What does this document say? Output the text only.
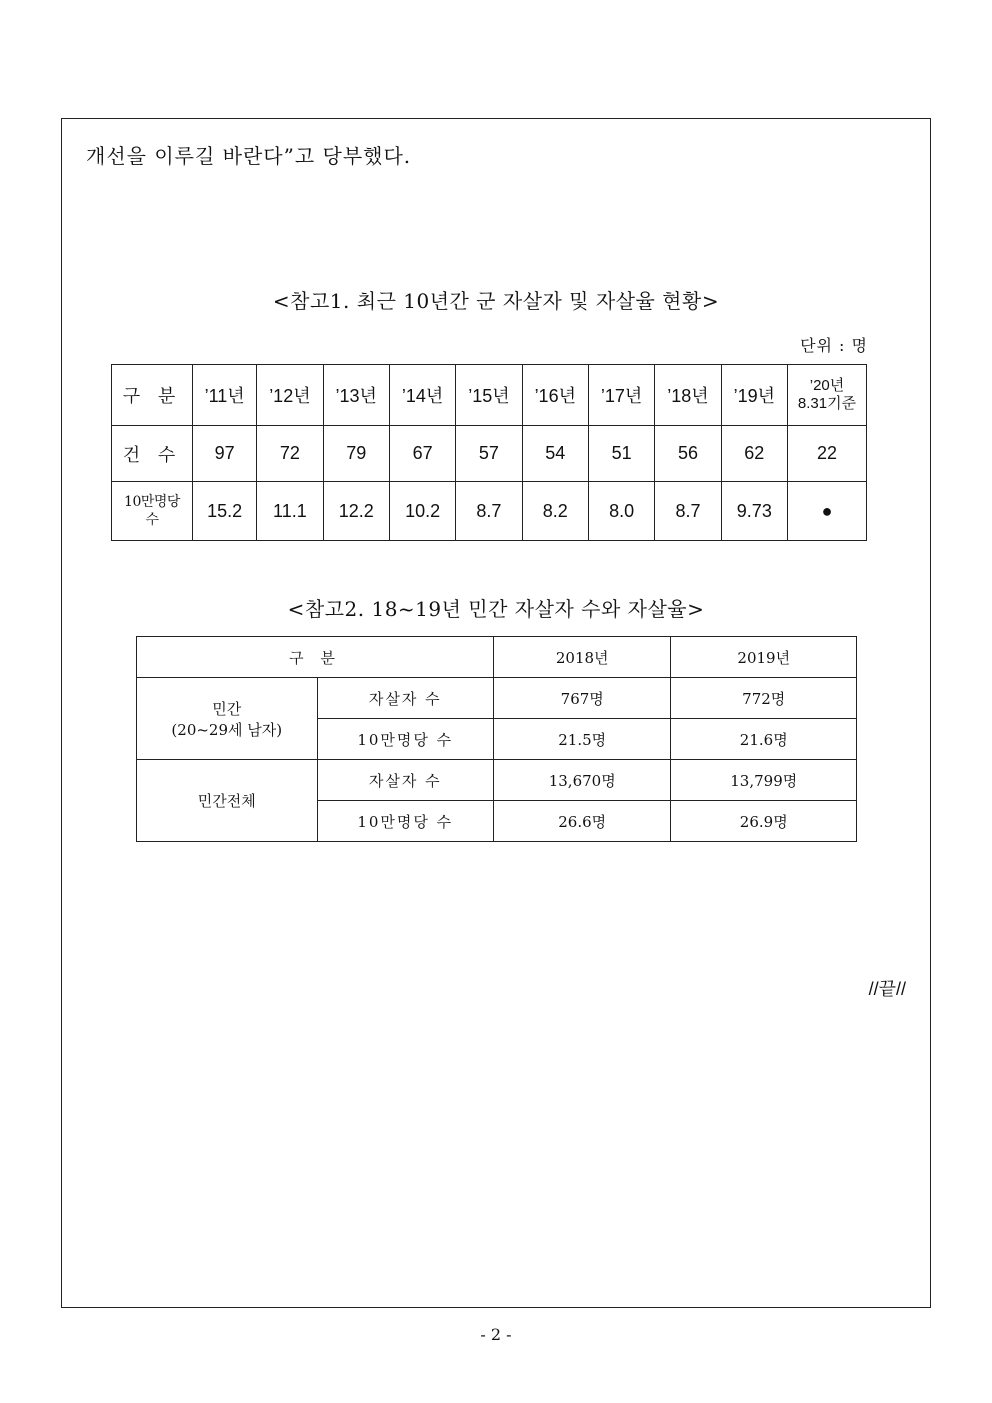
개선을 이루길 바란다”고 당부했다.
<참고1. 최근 10년간 군 자살자 및 자살율 현황>
단위 : 명
구 분	’11년	’12년	’13년	’14년	’15년	’16년	’17년	’18년	’19년	’20년
8.31기준

건 수	97	72	79	67	57	54	51	56	62	22

10만명당
수	15.2	11.1	12.2	10.2	8.7	8.2	8.0	8.7	9.73	●
<참고2. 18~19년 민간 자살자 수와 자살율>
구 분		2018년	2019년

민간
(20~29세 남자)	자살자 수	767명	772명
	10만명당 수	21.5명	21.6명
민간전체	자살자 수	13,670명	13,799명
	10만명당 수	26.6명	26.9명
//끝//
- 2 -
